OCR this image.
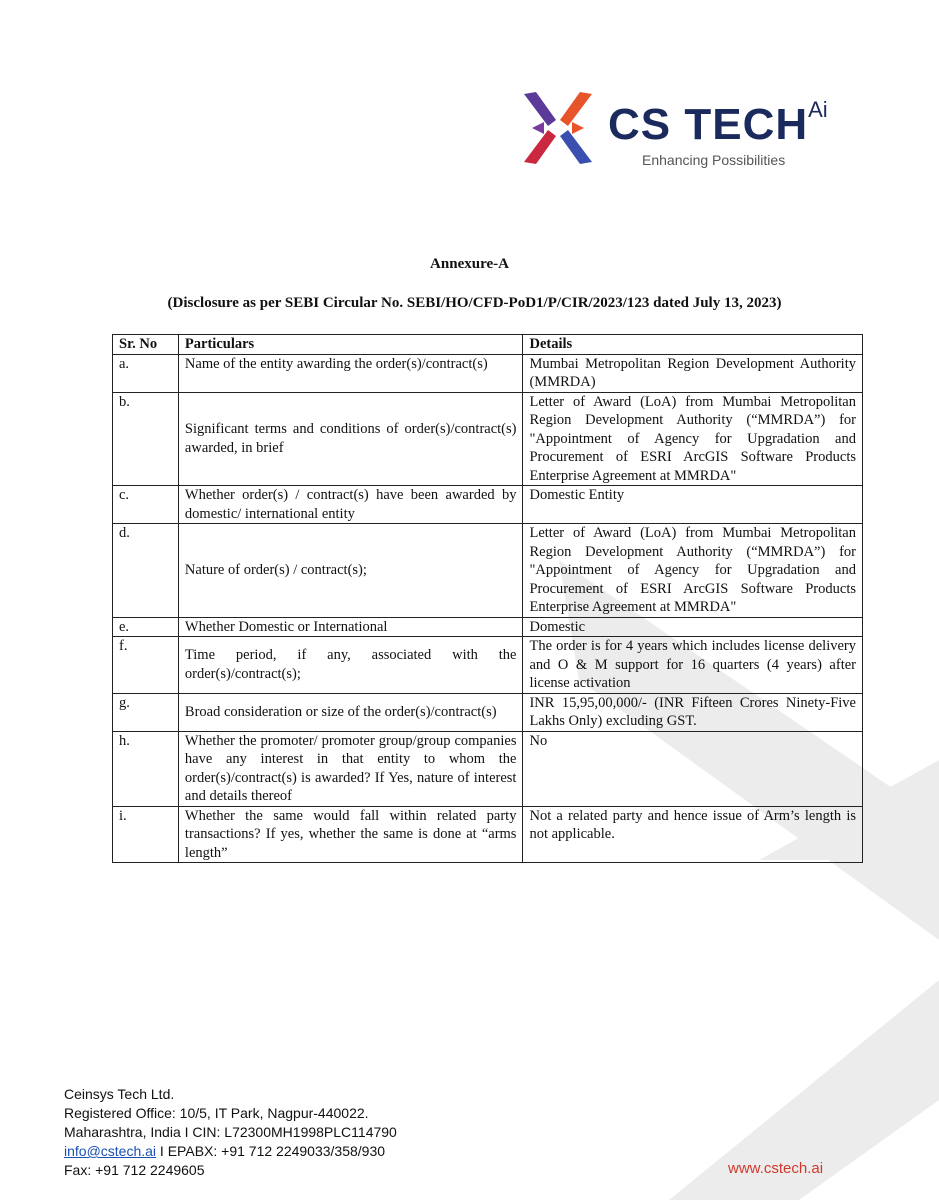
CS $TECH^{Ai}$
Enhancing Possibilities
Annexure-A
(Disclosure as per SEBI Circular No. SEBI/HO/CFD-PoD1/P/CIR/2023/123 dated July 13, 2023)
Sr. No	Particulars	Details
a.	Name of the entity awarding the order(s)/contract(s)	Mumbai Metropolitan Region Development Authority (MMRDA)
b.	Significant terms and conditions of order(s)/contract(s) awarded, in brief	Letter of Award (LoA) from Mumbai Metropolitan Region Development Authority (“MMRDA”) for "Appointment of Agency for Upgradation and Procurement of ESRI ArcGIS Software Products Enterprise Agreement at MMRDA"
c.	Whether order(s) / contract(s) have been awarded by domestic/ international entity	Domestic Entity
d.	Nature of order(s) / contract(s);	Letter of Award (LoA) from Mumbai Metropolitan Region Development Authority (“MMRDA”) for "Appointment of Agency for Upgradation and Procurement of ESRI ArcGIS Software Products Enterprise Agreement at MMRDA"
e.	Whether Domestic or International	Domestic
f.	Time period, if any, associated with the order(s)/contract(s);	The order is for 4 years which includes license delivery and O & M support for 16 quarters (4 years) after license activation
g.	Broad consideration or size of the order(s)/contract(s)	INR 15,95,00,000/- (INR Fifteen Crores Ninety-Five Lakhs Only) excluding GST.
h.	Whether the promoter/ promoter group/group companies have any interest in that entity to whom the order(s)/contract(s) is awarded? If Yes, nature of interest and details thereof	No
i.	Whether the same would fall within related party transactions? If yes, whether the same is done at “arms length”	Not a related party and hence issue of Arm’s length is not applicable.
Ceinsys Tech Ltd.
Registered Office: 10/5, IT Park, Nagpur-440022.
Maharashtra, India I CIN: L72300MH1998PLC114790
info@cstech.ai I EPABX: +91 712 2249033/358/930
Fax: +91 712 2249605	www.cstech.ai
